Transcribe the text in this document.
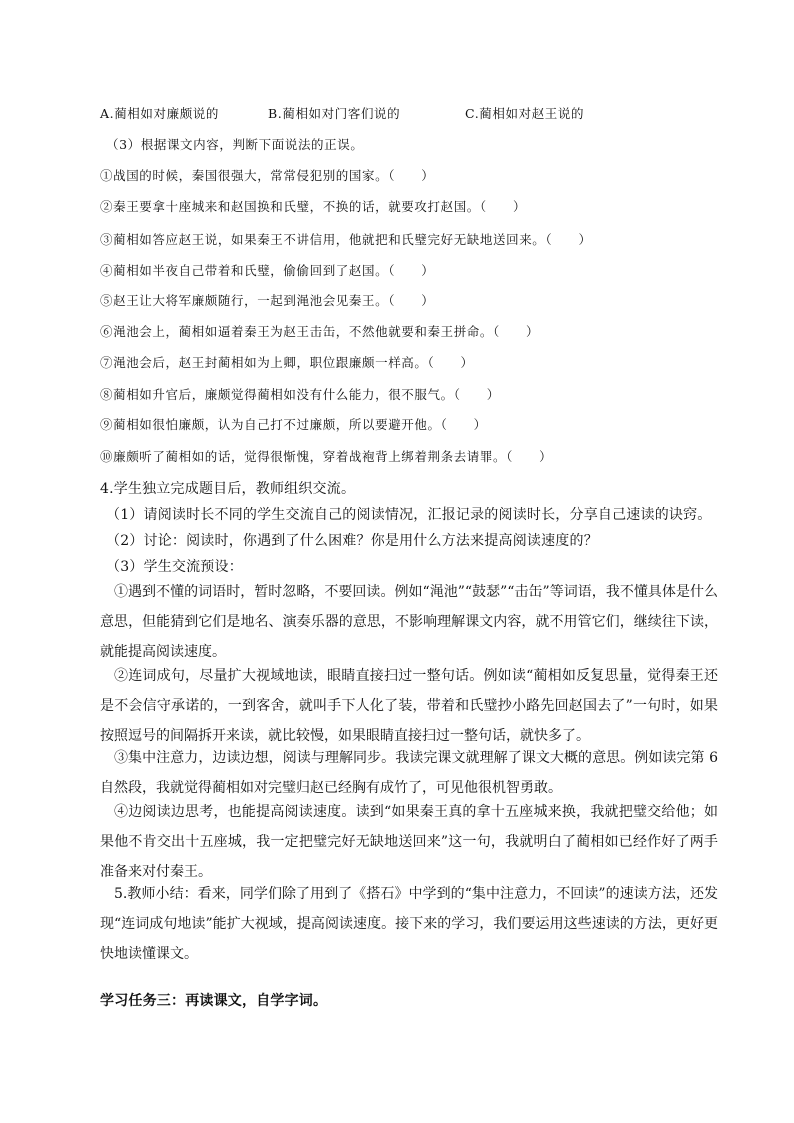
A.蔺相如对廉颇说的	B.蔺相如对门客们说的	C.蔺相如对赵王说的
（3）根据课文内容，判断下面说法的正误。
①战国的时候，秦国很强大，常常侵犯别的国家。（　　）
②秦王要拿十座城来和赵国换和氏璧，不换的话，就要攻打赵国。（　　）
③蔺相如答应赵王说，如果秦王不讲信用，他就把和氏璧完好无缺地送回来。（　　）
④蔺相如半夜自己带着和氏璧，偷偷回到了赵国。（　　）
⑤赵王让大将军廉颇随行，一起到渑池会见秦王。（　　）
⑥渑池会上，蔺相如逼着秦王为赵王击缶，不然他就要和秦王拼命。（　　）
⑦渑池会后，赵王封蔺相如为上卿，职位跟廉颇一样高。（　　）
⑧蔺相如升官后，廉颇觉得蔺相如没有什么能力，很不服气。（　　）
⑨蔺相如很怕廉颇，认为自己打不过廉颇，所以要避开他。（　　）
⑩廉颇听了蔺相如的话，觉得很惭愧，穿着战袍背上绑着荆条去请罪。（　　）
4.学生独立完成题目后，教师组织交流。
（1）请阅读时长不同的学生交流自己的阅读情况，汇报记录的阅读时长，分享自己速读的诀窍。
（2）讨论：阅读时，你遇到了什么困难？你是用什么方法来提高阅读速度的？
（3）学生交流预设：
①遇到不懂的词语时，暂时忽略，不要回读。例如“渑池”“鼓瑟”“击缶”等词语，我不懂具体是什么意思，但能猜到它们是地名、演奏乐器的意思，不影响理解课文内容，就不用管它们，继续往下读，就能提高阅读速度。
②连词成句，尽量扩大视域地读，眼睛直接扫过一整句话。例如读“蔺相如反复思量，觉得秦王还是不会信守承诺的，一到客舍，就叫手下人化了装，带着和氏璧抄小路先回赵国去了”一句时，如果按照逗号的间隔拆开来读，就比较慢，如果眼睛直接扫过一整句话，就快多了。
③集中注意力，边读边想，阅读与理解同步。我读完课文就理解了课文大概的意思。例如读完第 6 自然段，我就觉得蔺相如对完璧归赵已经胸有成竹了，可见他很机智勇敢。
④边阅读边思考，也能提高阅读速度。读到“如果秦王真的拿十五座城来换，我就把璧交给他；如果他不肯交出十五座城，我一定把璧完好无缺地送回来”这一句，我就明白了蔺相如已经作好了两手准备来对付秦王。
5.教师小结：看来，同学们除了用到了《搭石》中学到的“集中注意力，不回读”的速读方法，还发现“连词成句地读”能扩大视域，提高阅读速度。接下来的学习，我们要运用这些速读的方法，更好更快地读懂课文。
学习任务三：再读课文，自学字词。
